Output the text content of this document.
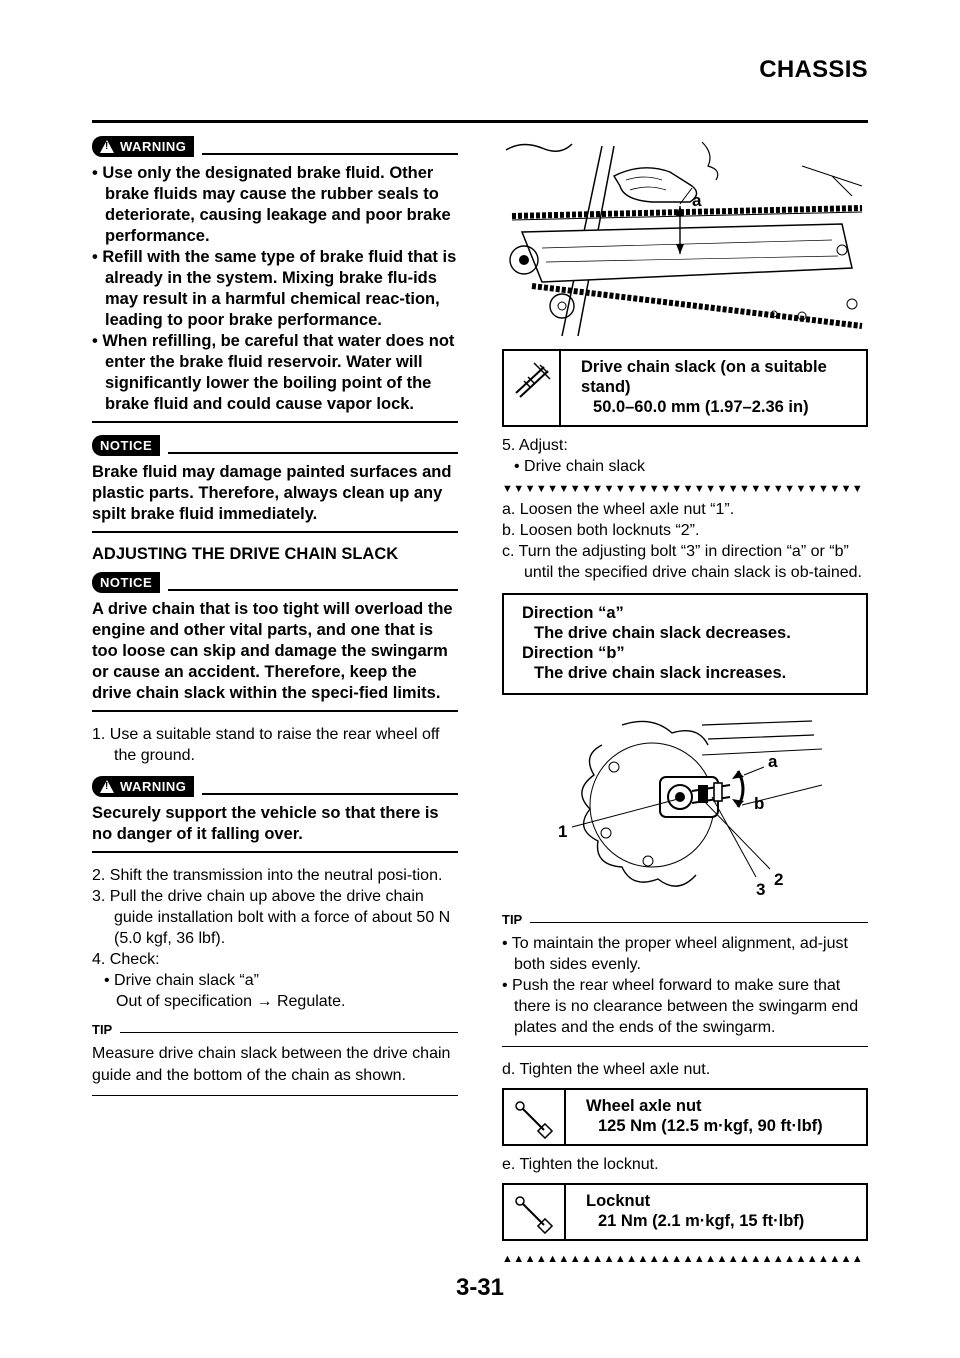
CHASSIS
!
WARNING
• Use only the designated brake fluid. Other brake fluids may cause the rubber seals to deteriorate, causing leakage and poor brake performance.
• Refill with the same type of brake fluid that is already in the system. Mixing brake flu-ids may result in a harmful chemical reac-tion, leading to poor brake performance.
• When refilling, be careful that water does not enter the brake fluid reservoir. Water will significantly lower the boiling point of the brake fluid and could cause vapor lock.
NOTICE
Brake fluid may damage painted surfaces and plastic parts. Therefore, always clean up any spilt brake fluid immediately.
ADJUSTING THE DRIVE CHAIN SLACK
NOTICE
A drive chain that is too tight will overload the engine and other vital parts, and one that is too loose can skip and damage the swingarm or cause an accident. Therefore, keep the drive chain slack within the speci-fied limits.
1. Use a suitable stand to raise the rear wheel off the ground.
!
WARNING
Securely support the vehicle so that there is no danger of it falling over.
2. Shift the transmission into the neutral posi-tion.
3. Pull the drive chain up above the drive chain guide installation bolt with a force of about 50 N (5.0 kgf, 36 lbf).
4. Check:
• Drive chain slack “a”
Out of specification → Regulate.
TIP
Measure drive chain slack between the drive chain guide and the bottom of the chain as shown.
a
Drive chain slack (on a suitable stand)
50.0–60.0 mm (1.97–2.36 in)
5. Adjust:
• Drive chain slack
▼▼▼▼▼▼▼▼▼▼▼▼▼▼▼▼▼▼▼▼▼▼▼▼▼▼▼▼▼▼▼▼
a. Loosen the wheel axle nut “1”.
b. Loosen both locknuts “2”.
c. Turn the adjusting bolt “3” in direction “a” or “b” until the specified drive chain slack is ob-tained.
Direction “a”
The drive chain slack decreases.
Direction “b”
The drive chain slack increases.
a
b
1
2
3
TIP
• To maintain the proper wheel alignment, ad-just both sides evenly.
• Push the rear wheel forward to make sure that there is no clearance between the swingarm end plates and the ends of the swingarm.
d. Tighten the wheel axle nut.
Wheel axle nut
125 Nm (12.5 m·kgf, 90 ft·lbf)
e. Tighten the locknut.
Locknut
21 Nm (2.1 m·kgf, 15 ft·lbf)
▲▲▲▲▲▲▲▲▲▲▲▲▲▲▲▲▲▲▲▲▲▲▲▲▲▲▲▲▲▲▲▲
3-31
